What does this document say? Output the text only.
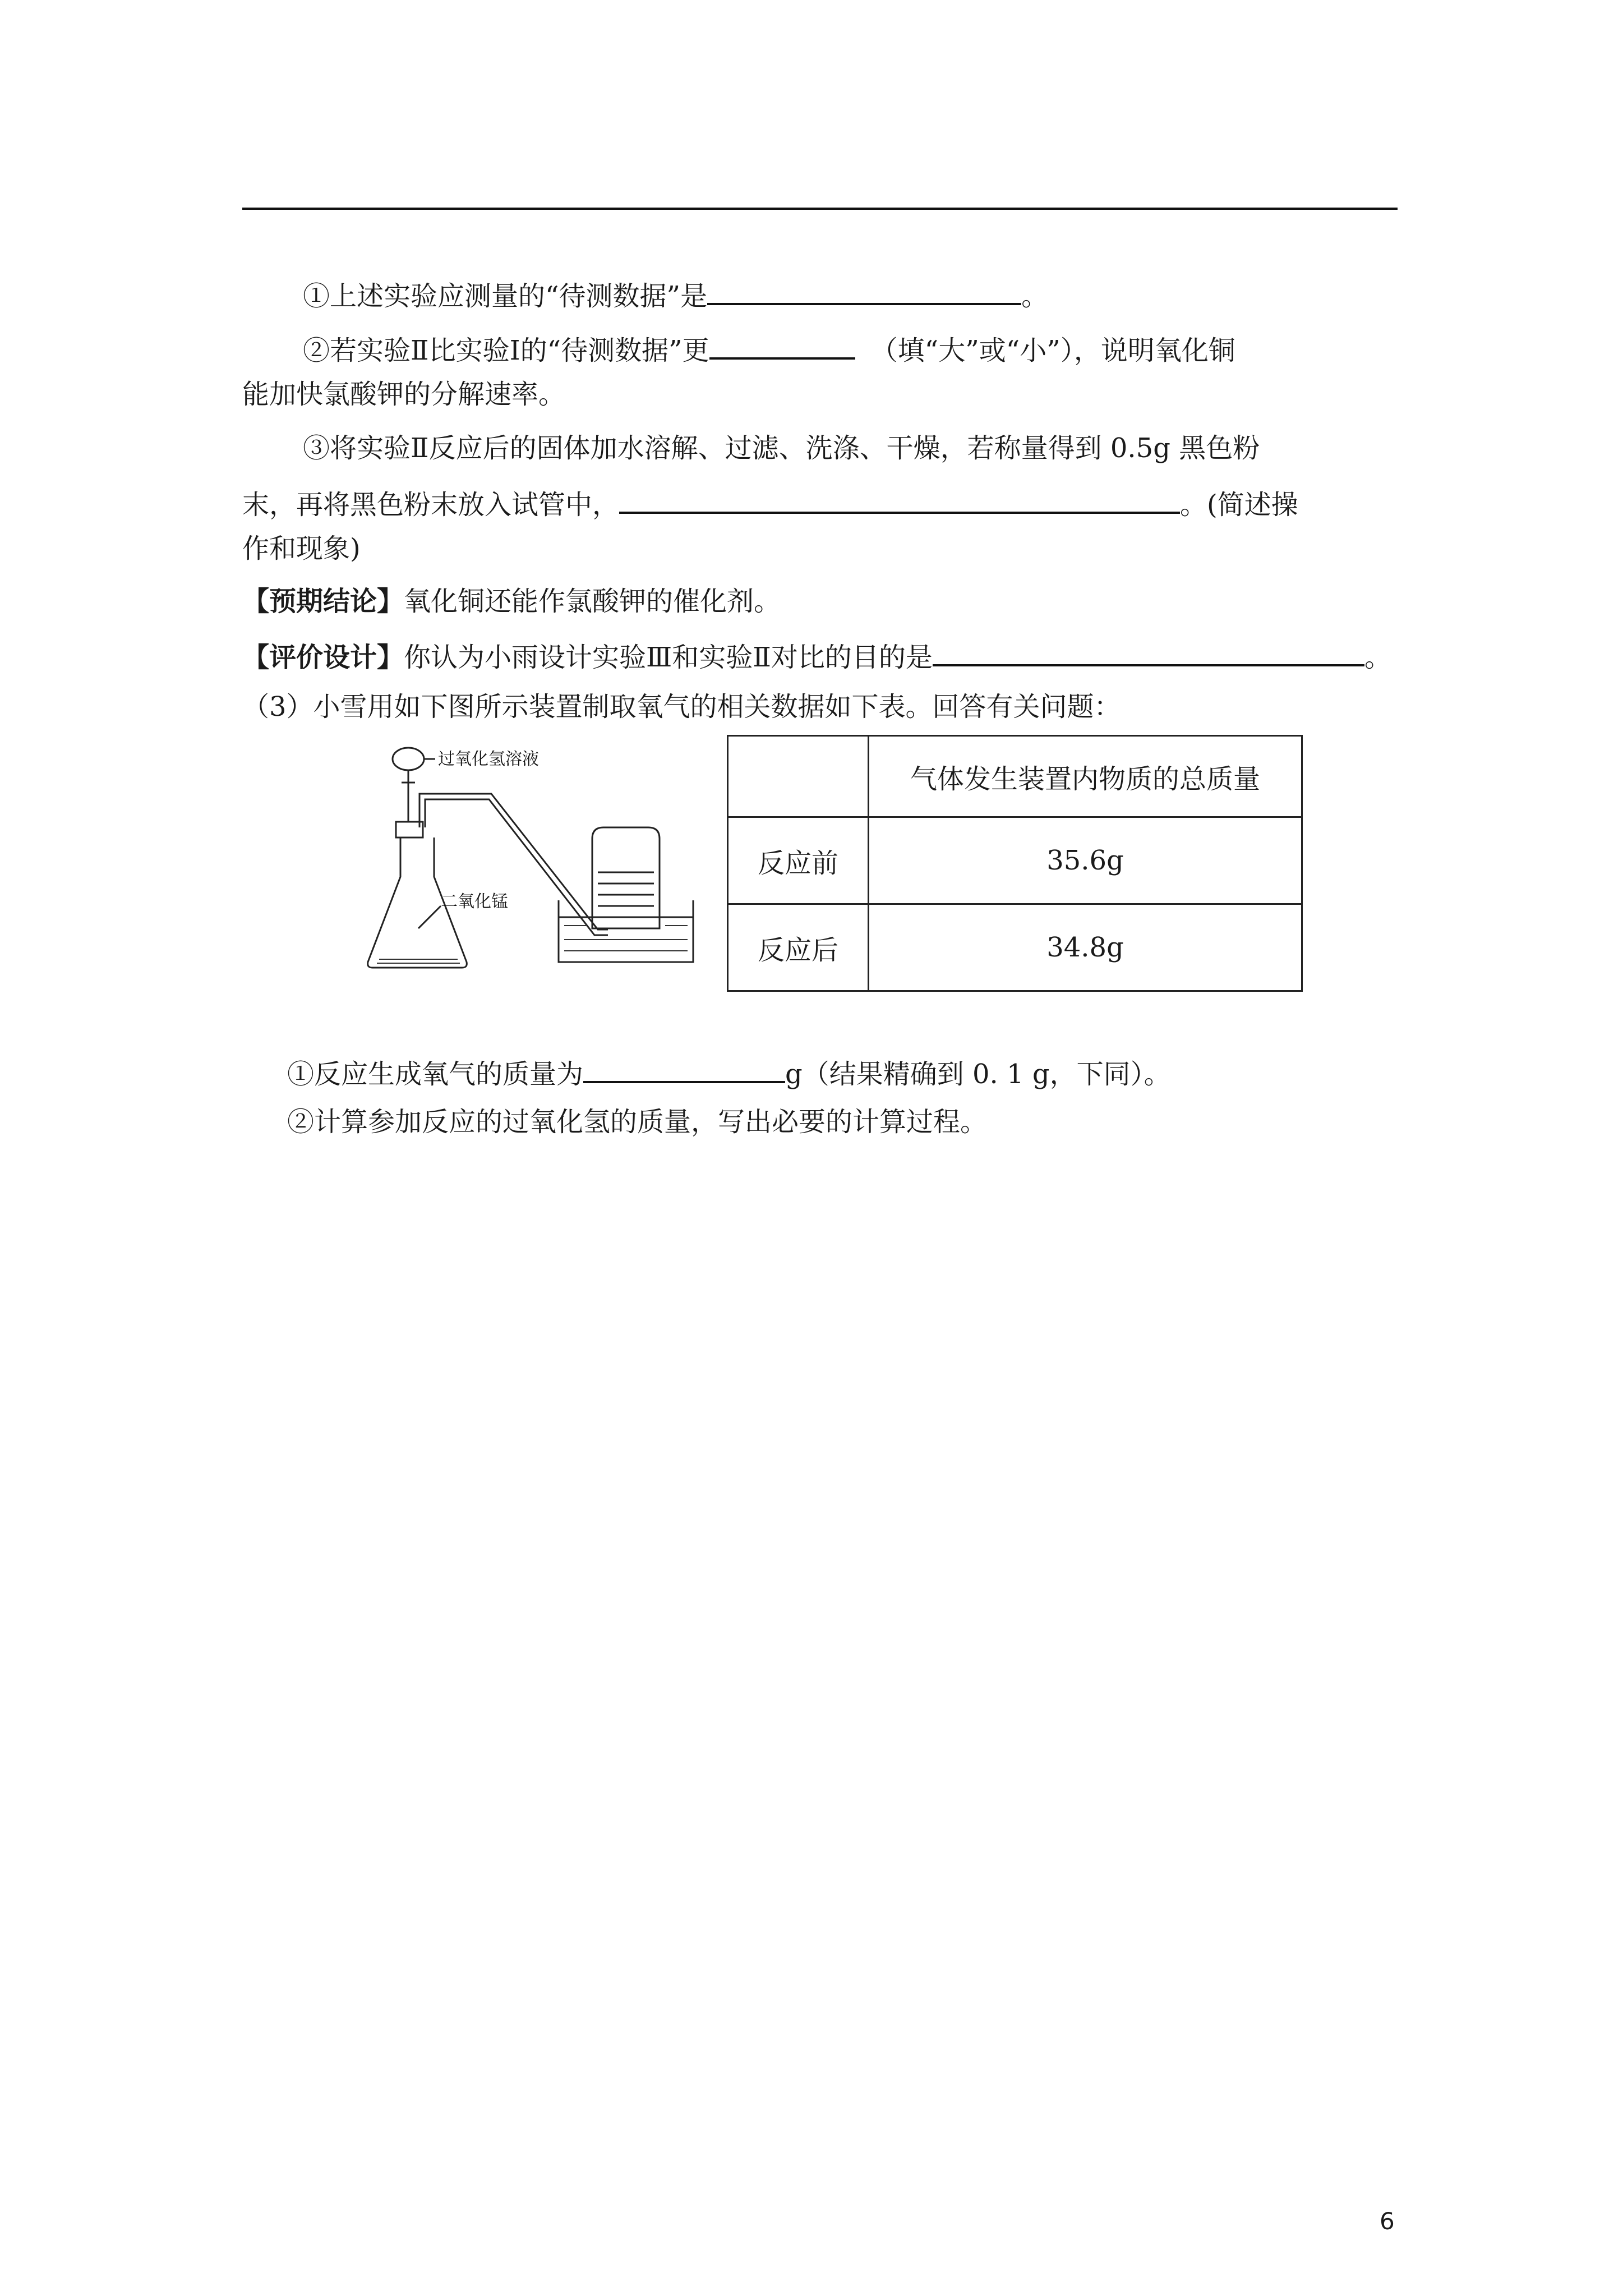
①上述实验应测量的“待测数据”是	。
②若实验Ⅱ比实验Ⅰ的“待测数据”更	（填“大”或“小”），说明氧化铜
能加快氯酸钾的分解速率。
③将实验Ⅱ反应后的固体加水溶解、过滤、洗涤、干燥，若称量得到 0.5g 黑色粉
末，再将黑色粉末放入试管中，	。(简述操
作和现象)
【预期结论】氧化铜还能作氯酸钾的催化剂。
【评价设计】你认为小雨设计实验Ⅲ和实验Ⅱ对比的目的是	。
（3）小雪用如下图所示装置制取氧气的相关数据如下表。回答有关问题：
过氧化氢溶液
二氧化锰
	气体发生装置内物质的总质量
反应前	35.6g
反应后	34.8g
①反应生成氧气的质量为	g（结果精确到 0. 1 g，下同）。
②计算参加反应的过氧化氢的质量，写出必要的计算过程。
6
